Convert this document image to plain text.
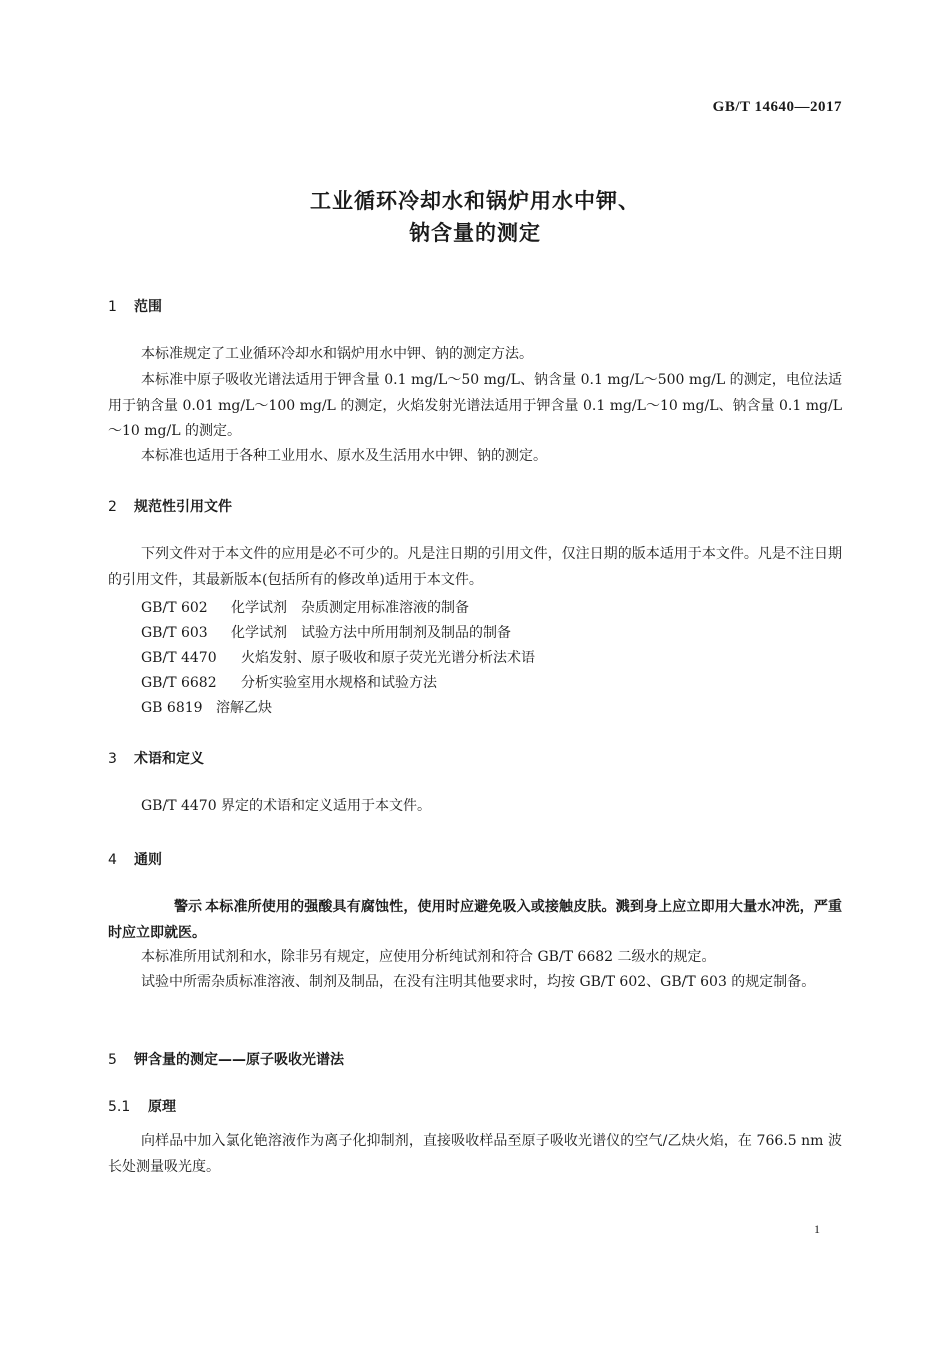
GB/T 14640—2017
工业循环冷却水和锅炉用水中钾、
钠含量的测定
1 范围
本标准规定了工业循环冷却水和锅炉用水中钾、钠的测定方法。
本标准中原子吸收光谱法适用于钾含量 0.1 mg/L～50 mg/L、钠含量 0.1 mg/L～500 mg/L 的测定，电位法适用于钠含量 0.01 mg/L～100 mg/L 的测定，火焰发射光谱法适用于钾含量 0.1 mg/L～10 mg/L、钠含量 0.1 mg/L～10 mg/L 的测定。
本标准也适用于各种工业用水、原水及生活用水中钾、钠的测定。
2 规范性引用文件
下列文件对于本文件的应用是必不可少的。凡是注日期的引用文件，仅注日期的版本适用于本文件。凡是不注日期的引用文件，其最新版本(包括所有的修改单)适用于本文件。
GB/T 602 化学试剂　杂质测定用标准溶液的制备
GB/T 603 化学试剂　试验方法中所用制剂及制品的制备
GB/T 4470 火焰发射、原子吸收和原子荧光光谱分析法术语
GB/T 6682 分析实验室用水规格和试验方法
GB 6819 溶解乙炔
3 术语和定义
GB/T 4470 界定的术语和定义适用于本文件。
4 通则
警示 本标准所使用的强酸具有腐蚀性，使用时应避免吸入或接触皮肤。溅到身上应立即用大量水冲洗，严重时应立即就医。
本标准所用试剂和水，除非另有规定，应使用分析纯试剂和符合 GB/T 6682 二级水的规定。
试验中所需杂质标准溶液、制剂及制品，在没有注明其他要求时，均按 GB/T 602、GB/T 603 的规定制备。
5 钾含量的测定——原子吸收光谱法
5.1 原理
向样品中加入氯化铯溶液作为离子化抑制剂，直接吸收样品至原子吸收光谱仪的空气/乙炔火焰，在 766.5 nm 波长处测量吸光度。
1
